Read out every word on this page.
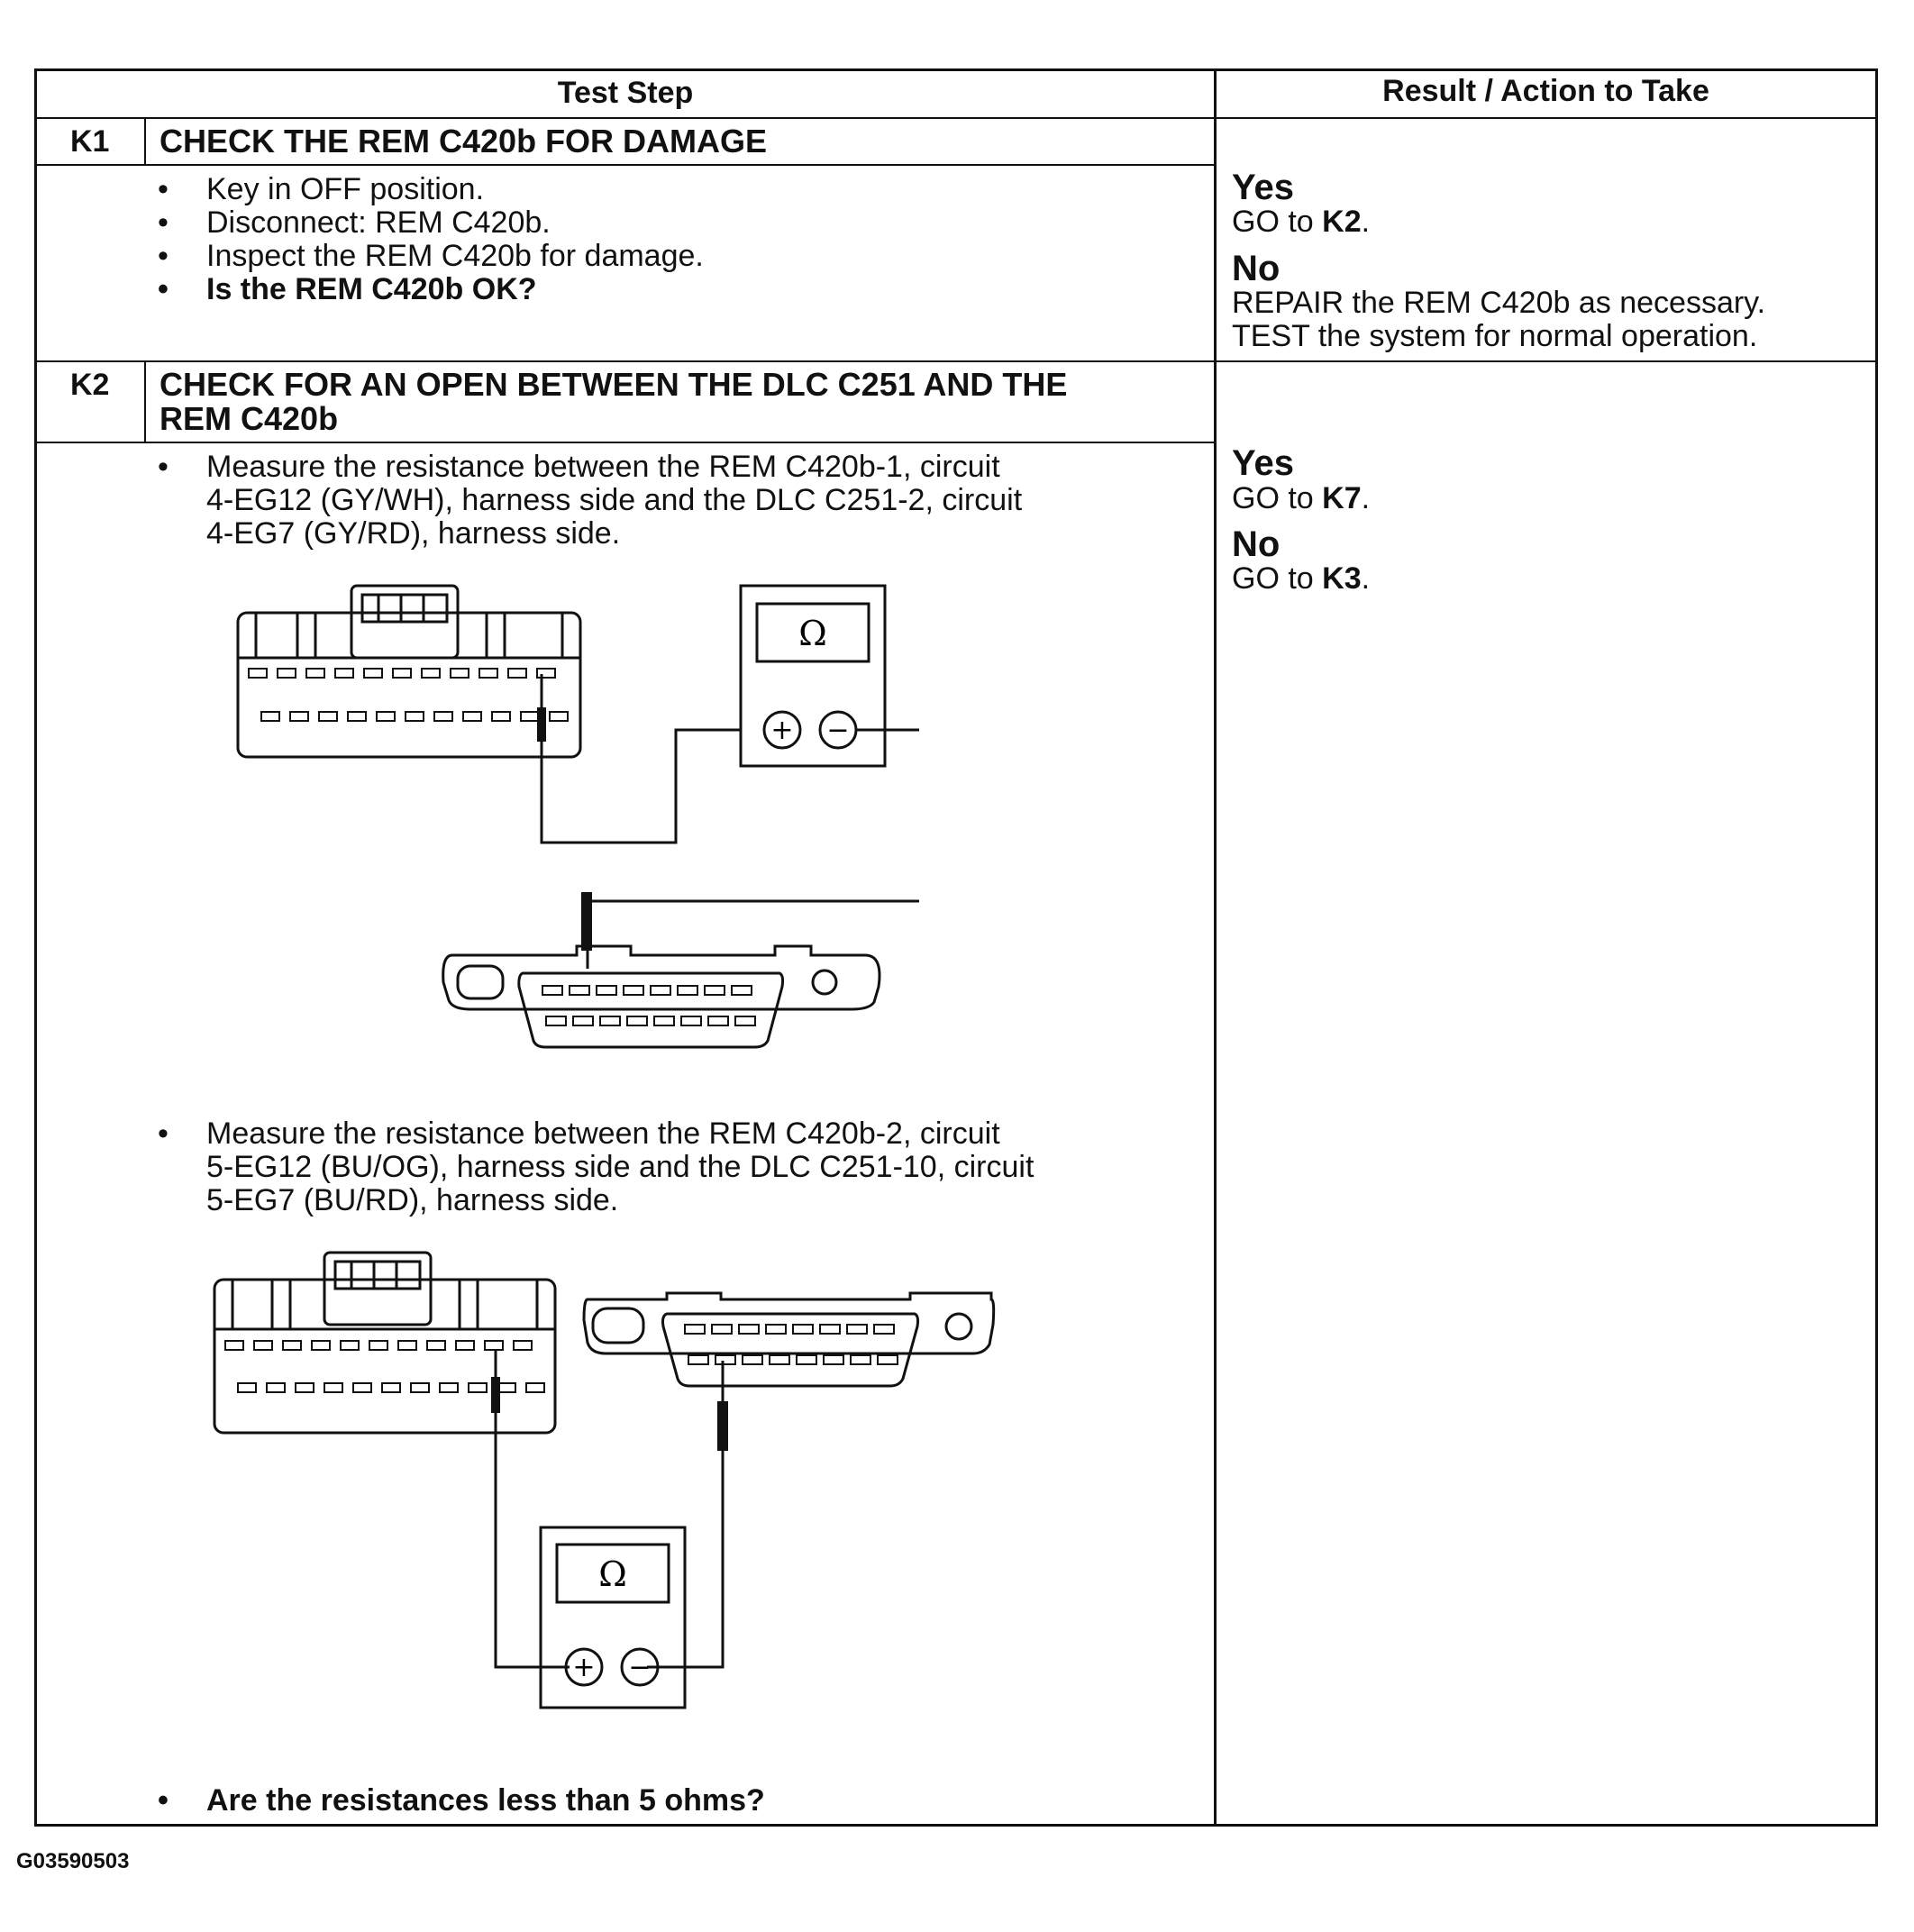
Test Step	Result / Action to Take
K1 CHECK THE REM C420b FOR DAMAGE
• Key in OFF position.
• Disconnect: REM C420b.
• Inspect the REM C420b for damage.
• Is the REM C420b OK?
Yes
GO to K2.
No
REPAIR the REM C420b as necessary.
TEST the system for normal operation.
K2 CHECK FOR AN OPEN BETWEEN THE DLC C251 AND THE
REM C420b
• Measure the resistance between the REM C420b-1, circuit
4-EG12 (GY/WH), harness side and the DLC C251-2, circuit
4-EG7 (GY/RD), harness side.
• Measure the resistance between the REM C420b-2, circuit
5-EG12 (BU/OG), harness side and the DLC C251-10, circuit
5-EG7 (BU/RD), harness side.
• Are the resistances less than 5 ohms?
Yes
GO to K7.
No
GO to K3.
Ω
+ −
Ω
+ −
G03590503
